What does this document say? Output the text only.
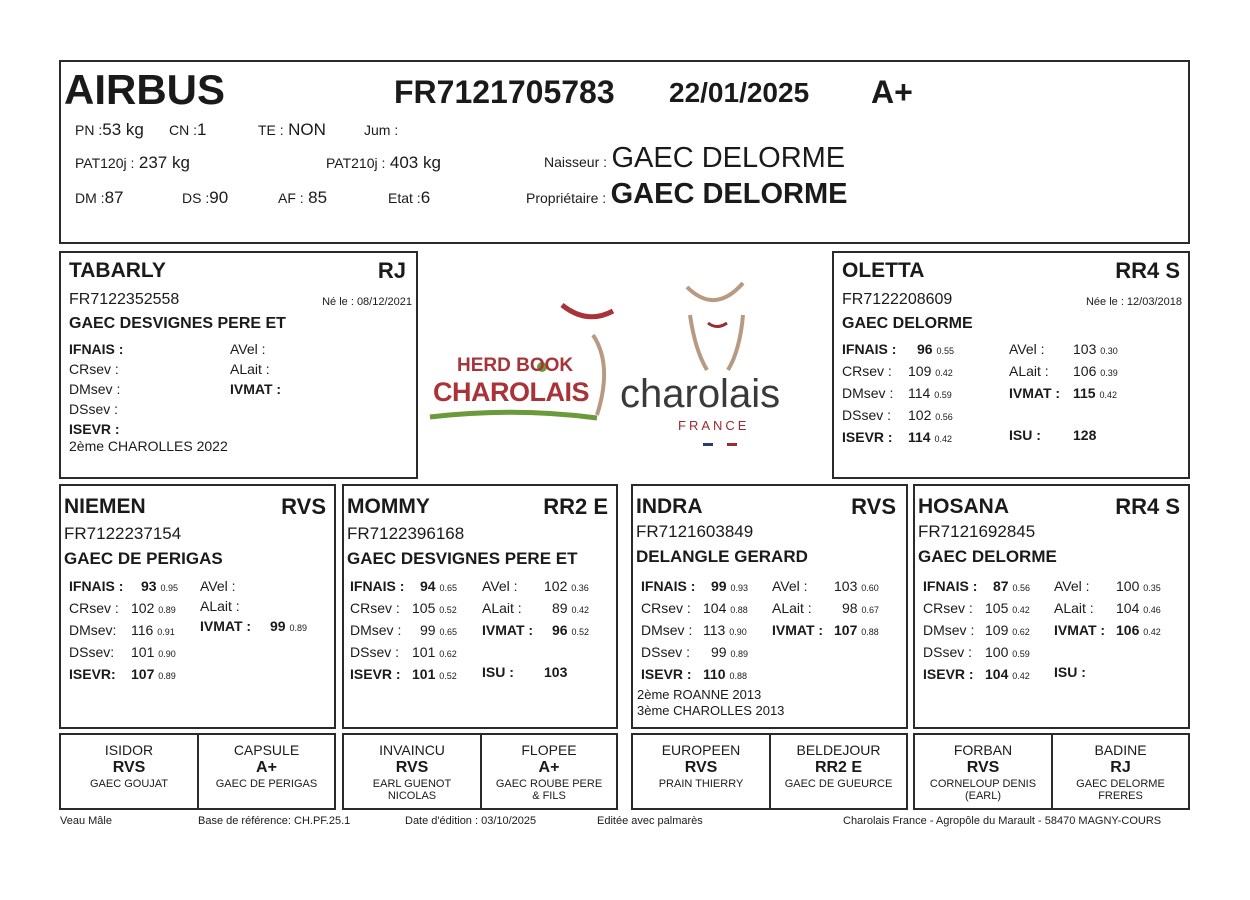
AIRBUS	FR7121705783 22/01/2025 A+
PN :53 kg CN :1	TE : NON	Jum :
PAT120j : 237 kg	PAT210j : 403 kg
DM :87	DS :90	AF : 85	Etat :6
Naisseur : GAEC DELORME
Propriétaire : GAEC DELORME
TABARLY	RJ
FR7122352558	Né le : 08/12/2021
GAEC DESVIGNES PERE ET
IFNAIS :
CRsev :
DMsev :
DSsev :
ISEVR :
AVel :
ALait :
IVMAT :
2ème CHAROLLES 2022
HERD BOOK
CHAROLAIS charolais
FRANCE
OLETTA	RR4 S
FR7122208609	Née le : 12/03/2018
GAEC DELORME
IFNAIS : 96 0.55
CRsev : 109 0.42
DMsev : 114 0.59
DSsev : 102 0.56
ISEVR : 114 0.42
AVel : 103 0.30
ALait : 106 0.39
IVMAT : 115 0.42

ISU : 128
NIEMEN	RVS
FR7122237154
GAEC DE PERIGAS
IFNAIS : 93 0.95
CRsev : 102 0.89
DMsev: 116 0.91
DSsev: 101 0.90
ISEVR: 107 0.89
AVel :
ALait :
IVMAT : 99 0.89
MOMMY	RR2 E
FR7122396168
GAEC DESVIGNES PERE ET
IFNAIS : 94 0.65
CRsev : 105 0.52
DMsev : 99 0.65
DSsev : 101 0.62
ISEVR : 101 0.52
AVel : 102 0.36
ALait : 89 0.42
IVMAT : 96 0.52

ISU : 103
INDRA	RVS
FR7121603849
DELANGLE GERARD
IFNAIS : 99 0.93
CRsev : 104 0.88
DMsev : 113 0.90
DSsev : 99 0.89
ISEVR : 110 0.88
AVel : 103 0.60
ALait : 98 0.67
IVMAT : 107 0.88
2ème ROANNE 2013
3ème CHAROLLES 2013
HOSANA	RR4 S
FR7121692845
GAEC DELORME
IFNAIS : 87 0.56
CRsev : 105 0.42
DMsev : 109 0.62
DSsev : 100 0.59
ISEVR : 104 0.42
AVel : 100 0.35
ALait : 104 0.46
IVMAT : 106 0.42

ISU :
ISIDOR
RVS
GAEC GOUJAT
CAPSULE
A+
GAEC DE PERIGAS
INVAINCU
RVS
EARL GUENOT
NICOLAS
FLOPEE
A+
GAEC ROUBE PERE
& FILS
EUROPEEN
RVS
PRAIN THIERRY
BELDEJOUR
RR2 E
GAEC DE GUEURCE
FORBAN
RVS
CORNELOUP DENIS
(EARL)
BADINE
RJ
GAEC DELORME
FRERES
Veau Mâle	Base de référence: CH.PF.25.1	Date d'édition : 03/10/2025	Editée avec palmarès	Charolais France - Agropôle du Marault - 58470 MAGNY-COURS
